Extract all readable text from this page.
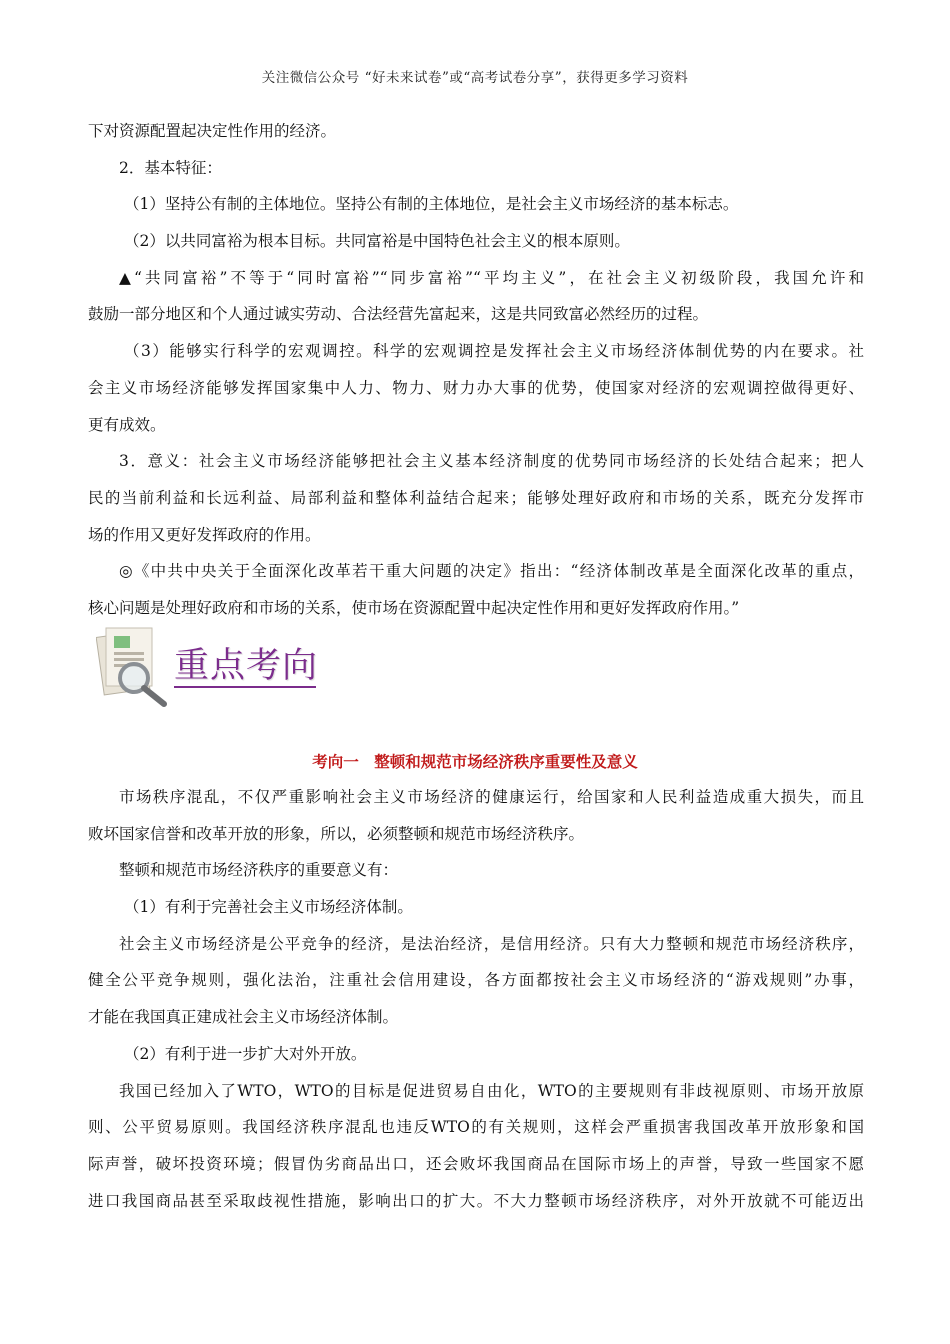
关注微信公众号 “好未来试卷”或“高考试卷分享”，获得更多学习资料
下对资源配置起决定性作用的经济。
2．基本特征：
（1）坚持公有制的主体地位。坚持公有制的主体地位，是社会主义市场经济的基本标志。
（2）以共同富裕为根本目标。共同富裕是中国特色社会主义的根本原则。
▲“共同富裕”不等于“同时富裕”“同步富裕”“平均主义”，在社会主义初级阶段，我国允许和
鼓励一部分地区和个人通过诚实劳动、合法经营先富起来，这是共同致富必然经历的过程。
（3）能够实行科学的宏观调控。科学的宏观调控是发挥社会主义市场经济体制优势的内在要求。社
会主义市场经济能够发挥国家集中人力、物力、财力办大事的优势，使国家对经济的宏观调控做得更好、
更有成效。
3．意义：社会主义市场经济能够把社会主义基本经济制度的优势同市场经济的长处结合起来；把人
民的当前利益和长远利益、局部利益和整体利益结合起来；能够处理好政府和市场的关系，既充分发挥市
场的作用又更好发挥政府的作用。
◎《中共中央关于全面深化改革若干重大问题的决定》指出：“经济体制改革是全面深化改革的重点，
核心问题是处理好政府和市场的关系，使市场在资源配置中起决定性作用和更好发挥政府作用。”
重点考向
考向一　整顿和规范市场经济秩序重要性及意义
市场秩序混乱，不仅严重影响社会主义市场经济的健康运行，给国家和人民利益造成重大损失，而且
败坏国家信誉和改革开放的形象，所以，必须整顿和规范市场经济秩序。
整顿和规范市场经济秩序的重要意义有：
（1）有利于完善社会主义市场经济体制。
社会主义市场经济是公平竞争的经济，是法治经济，是信用经济。只有大力整顿和规范市场经济秩序，
健全公平竞争规则，强化法治，注重社会信用建设，各方面都按社会主义市场经济的“游戏规则”办事，
才能在我国真正建成社会主义市场经济体制。
（2）有利于进一步扩大对外开放。
我国已经加入了WTO，WTO的目标是促进贸易自由化，WTO的主要规则有非歧视原则、市场开放原
则、公平贸易原则。我国经济秩序混乱也违反WTO的有关规则，这样会严重损害我国改革开放形象和国
际声誉，破坏投资环境；假冒伪劣商品出口，还会败坏我国商品在国际市场上的声誉，导致一些国家不愿
进口我国商品甚至采取歧视性措施，影响出口的扩大。不大力整顿市场经济秩序，对外开放就不可能迈出
